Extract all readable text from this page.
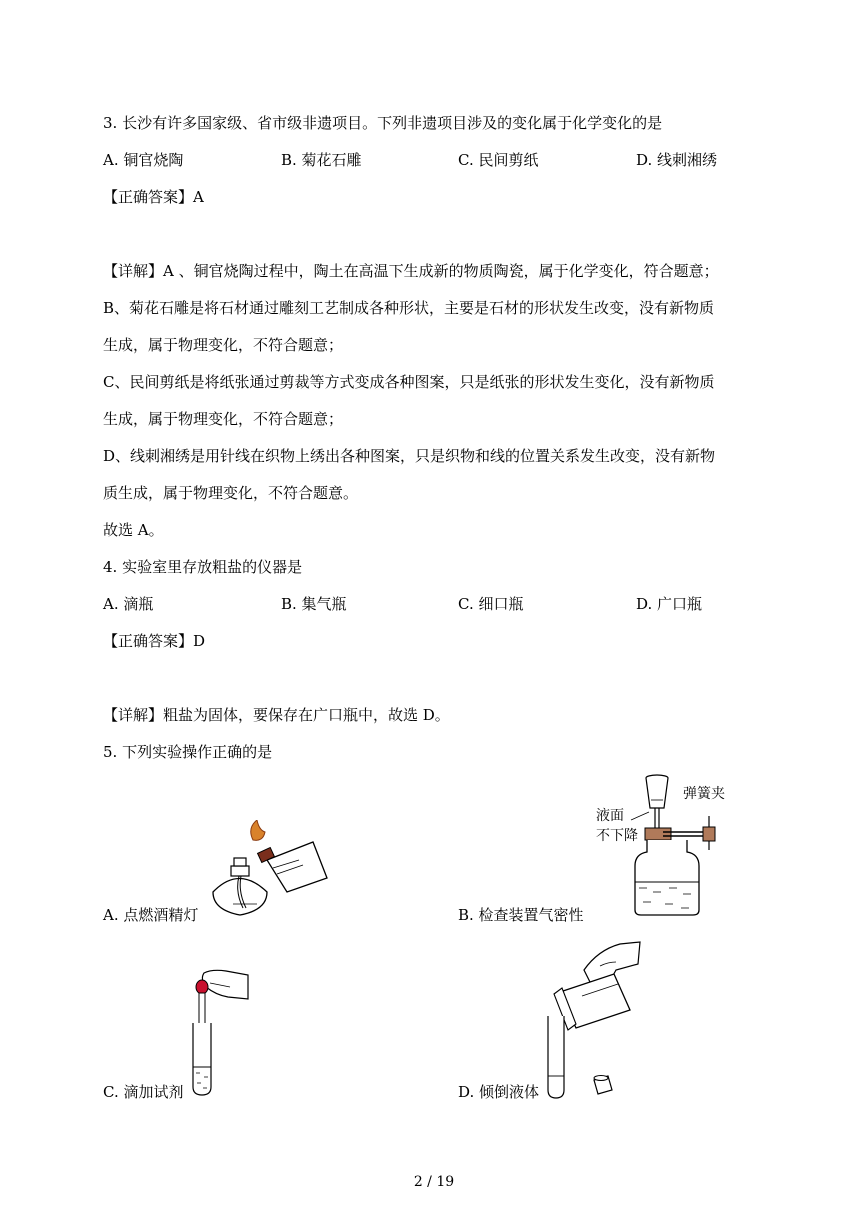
3. 长沙有许多国家级、省市级非遗项目。下列非遗项目涉及的变化属于化学变化的是
A. 铜官烧陶	B. 菊花石雕	C. 民间剪纸	D. 线刺湘绣
【正确答案】A
【详解】A 、铜官烧陶过程中，陶土在高温下生成新的物质陶瓷，属于化学变化，符合题意；
B、菊花石雕是将石材通过雕刻工艺制成各种形状，主要是石材的形状发生改变，没有新物质
生成，属于物理变化，不符合题意；
C、民间剪纸是将纸张通过剪裁等方式变成各种图案，只是纸张的形状发生变化，没有新物质
生成，属于物理变化，不符合题意；
D、线刺湘绣是用针线在织物上绣出各种图案，只是织物和线的位置关系发生改变，没有新物
质生成，属于物理变化，不符合题意。
故选 A。
4. 实验室里存放粗盐的仪器是
A. 滴瓶	B. 集气瓶	C. 细口瓶	D. 广口瓶
【正确答案】D
【详解】粗盐为固体，要保存在广口瓶中，故选 D。
5. 下列实验操作正确的是
A. 点燃酒精灯
弹簧夹
液面
不下降
B. 检查装置气密性
C. 滴加试剂	D. 倾倒液体
2 / 19
